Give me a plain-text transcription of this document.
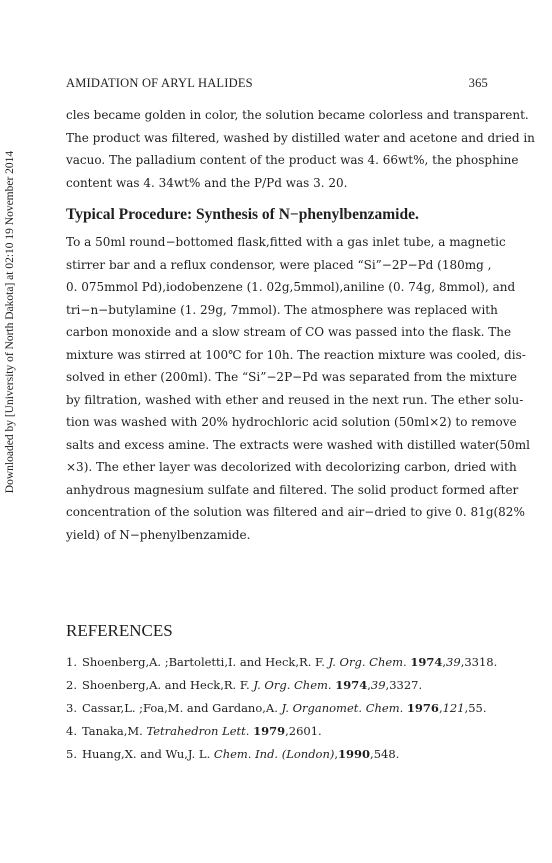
Downloaded by [University of North Dakota] at 02:10 19 November 2014
AMIDATION OF ARYL HALIDES	365
cles became golden in color, the solution became colorless and transparent.
The product was filtered, washed by distilled water and acetone and dried in
vacuo. The palladium content of the product was 4. 66wt%, the phosphine
content was 4. 34wt% and the P/Pd was 3. 20.
Typical Procedure: Synthesis of N−phenylbenzamide.
To a 50ml round−bottomed flask,fitted with a gas inlet tube, a magnetic
stirrer bar and a reflux condensor, were placed “Si”−2P−Pd (180mg ,
0. 075mmol Pd),iodobenzene (1. 02g,5mmol),aniline (0. 74g, 8mmol), and
tri−n−butylamine (1. 29g, 7mmol). The atmosphere was replaced with
carbon monoxide and a slow stream of CO was passed into the flask. The
mixture was stirred at 100℃ for 10h. The reaction mixture was cooled, dis-
solved in ether (200ml). The “Si”−2P−Pd was separated from the mixture
by filtration, washed with ether and reused in the next run. The ether solu-
tion was washed with 20% hydrochloric acid solution (50ml×2) to remove
salts and excess amine. The extracts were washed with distilled water(50ml
×3). The ether layer was decolorized with decolorizing carbon, dried with
anhydrous magnesium sulfate and filtered. The solid product formed after
concentration of the solution was filtered and air−dried to give 0. 81g(82%
yield) of N−phenylbenzamide.
REFERENCES
1. Shoenberg,A. ;Bartoletti,I. and Heck,R. F. J. Org. Chem. 1974,39,3318.
2. Shoenberg,A. and Heck,R. F. J. Org. Chem. 1974,39,3327.
3. Cassar,L. ;Foa,M. and Gardano,A. J. Organomet. Chem. 1976,121,55.
4. Tanaka,M. Tetrahedron Lett. 1979,2601.
5. Huang,X. and Wu,J. L. Chem. Ind. (London),1990,548.
